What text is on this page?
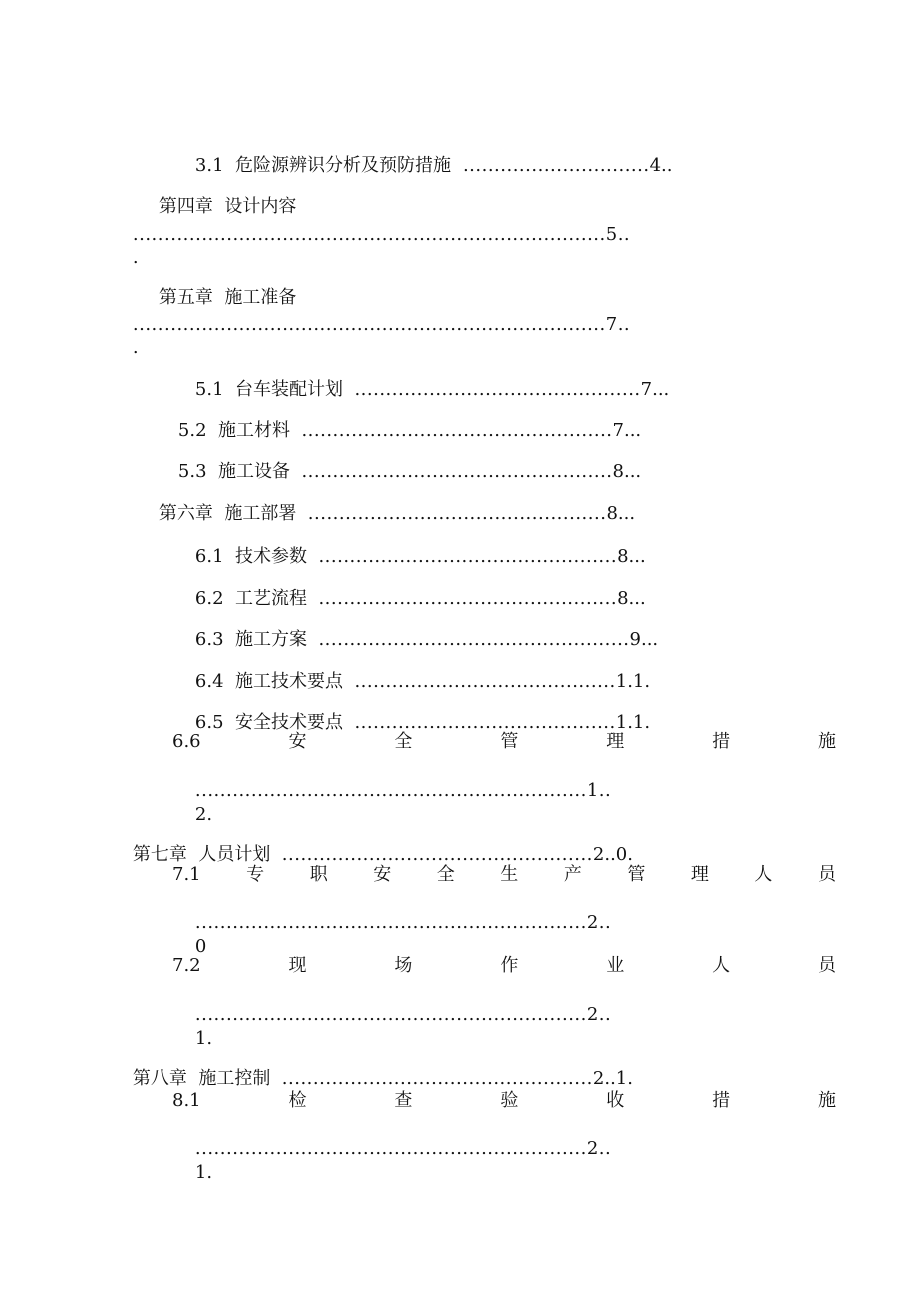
3.1 危险源辨识分析及预防措施  ..............................4..

第四章  设计内容

............................................................................5..

.

第五章  施工准备

............................................................................7..

.

5.1 台车装配计划 ..............................................7...

5.2 施工材料 ..................................................7...

5.3 施工设备 ..................................................8...

第六章  施工部署 ................................................8...

6.1 技术参数 ................................................8...

6.2 工艺流程 ................................................8...

6.3 施工方案 ..................................................9...

6.4 施工技术要点 ..........................................1.1.

6.5 安全技术要点 ..........................................1.1.

6.6	安	全	管	理	措	施

...............................................................1..

2.

第七章  人员计划 ..................................................2..0.

7.1	专	职	安	全	生	产	管	理	人	员

...............................................................2..

0

7.2	现	场	作	业	人	员

...............................................................2..

1.

第八章  施工控制 ..................................................2..1.

8.1	检	查	验	收	措	施

...............................................................2..

1.
